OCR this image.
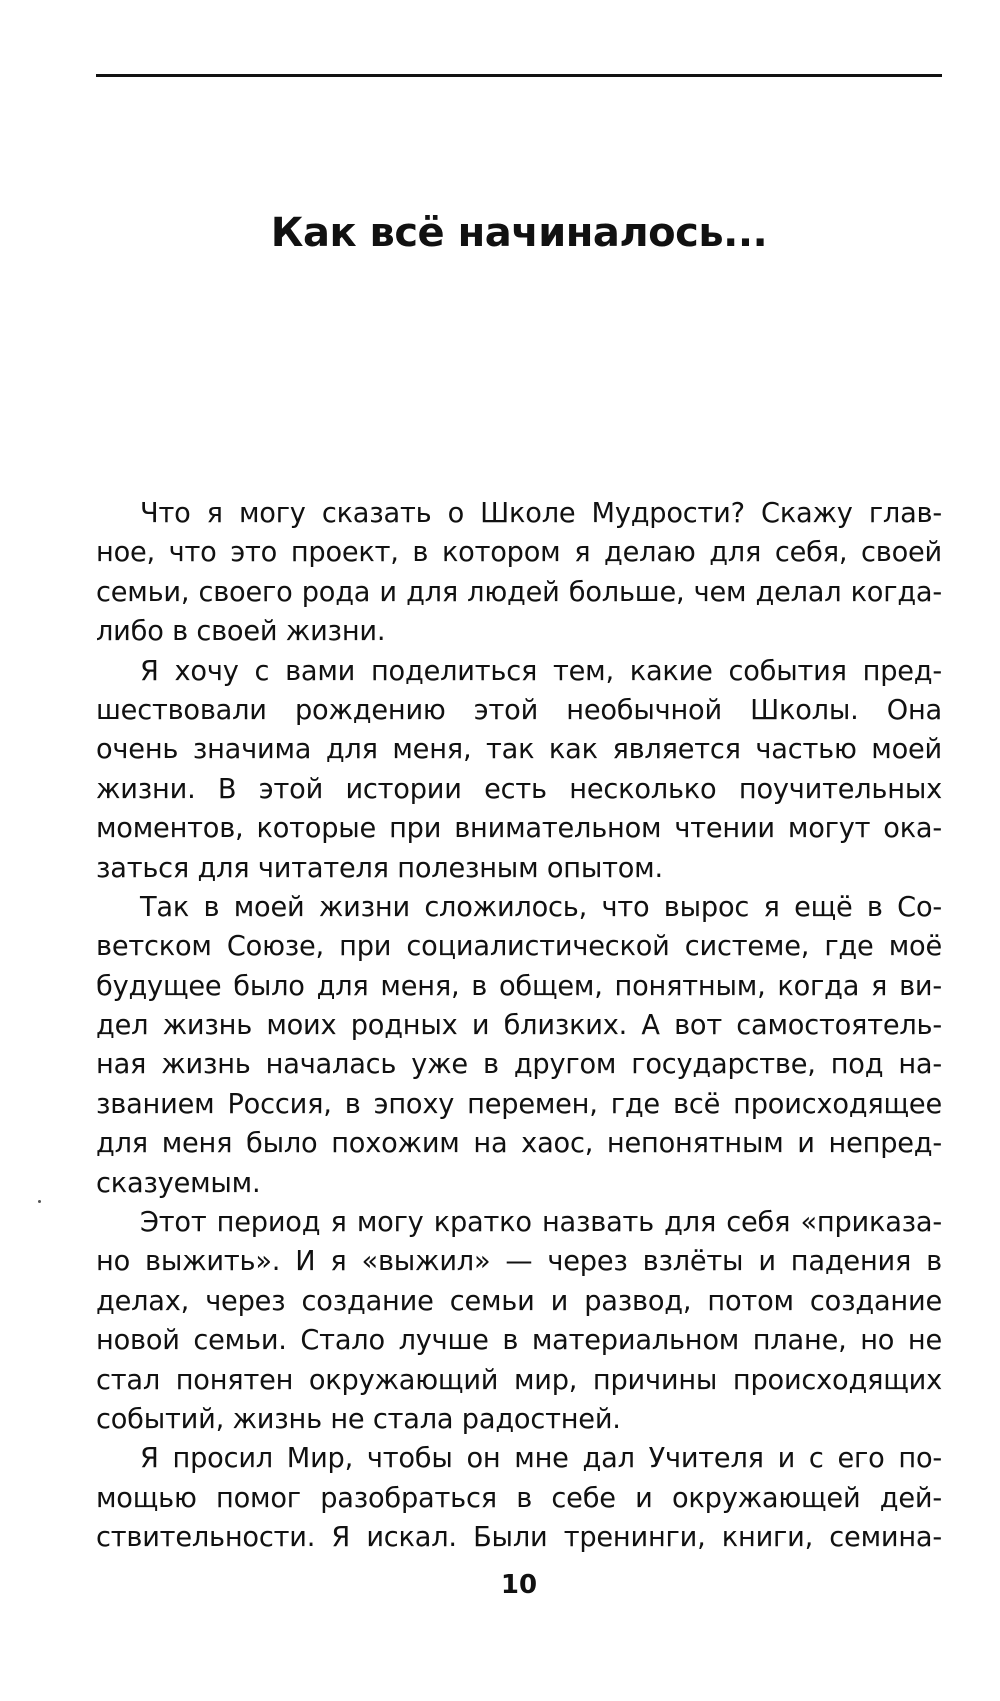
Как всё начиналось...
Что я могу сказать о Школе Мудрости? Скажу глав-
ное, что это проект, в котором я делаю для себя, своей
семьи, своего рода и для людей больше, чем делал когда-
либо в своей жизни.
Я хочу с вами поделиться тем, какие события пред-
шествовали рождению этой необычной Школы. Она
очень значима для меня, так как является частью моей
жизни. В этой истории есть несколько поучительных
моментов, которые при внимательном чтении могут ока-
заться для читателя полезным опытом.
Так в моей жизни сложилось, что вырос я ещё в Со-
ветском Союзе, при социалистической системе, где моё
будущее было для меня, в общем, понятным, когда я ви-
дел жизнь моих родных и близких. А вот самостоятель-
ная жизнь началась уже в другом государстве, под на-
званием Россия, в эпоху перемен, где всё происходящее
для меня было похожим на хаос, непонятным и непред-
сказуемым.
Этот период я могу кратко назвать для себя «приказа-
но выжить». И я «выжил» — через взлёты и падения в
делах, через создание семьи и развод, потом создание
новой семьи. Стало лучше в материальном плане, но не
стал понятен окружающий мир, причины происходящих
событий, жизнь не стала радостней.
Я просил Мир, чтобы он мне дал Учителя и с его по-
мощью помог разобраться в себе и окружающей дей-
ствительности. Я искал. Были тренинги, книги, семина-
10
